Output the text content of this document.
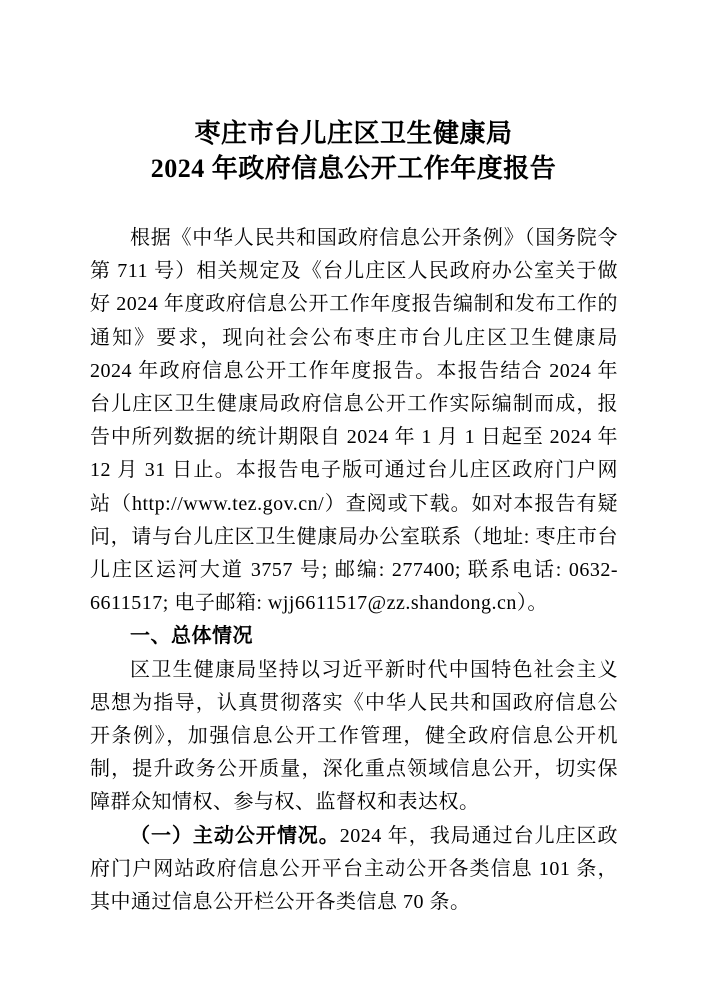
枣庄市台儿庄区卫生健康局
2024 年政府信息公开工作年度报告

根据《中华人民共和国政府信息公开条例》（国务院令第 711 号）相关规定及《台儿庄区人民政府办公室关于做好 2024 年度政府信息公开工作年度报告编制和发布工作的通知》要求，现向社会公布枣庄市台儿庄区卫生健康局 2024 年政府信息公开工作年度报告。本报告结合 2024 年台儿庄区卫生健康局政府信息公开工作实际编制而成，报告中所列数据的统计期限自 2024 年 1 月 1 日起至 2024 年 12 月 31 日止。本报告电子版可通过台儿庄区政府门户网站（http://www.tez.gov.cn/）查阅或下载。如对本报告有疑问，请与台儿庄区卫生健康局办公室联系（地址: 枣庄市台儿庄区运河大道 3757 号; 邮编: 277400; 联系电话: 0632-6611517; 电子邮箱: wjj6611517@zz.shandong.cn）。

一、总体情况

区卫生健康局坚持以习近平新时代中国特色社会主义思想为指导，认真贯彻落实《中华人民共和国政府信息公开条例》，加强信息公开工作管理，健全政府信息公开机制，提升政务公开质量，深化重点领域信息公开，切实保障群众知情权、参与权、监督权和表达权。

（一）主动公开情况。2024 年，我局通过台儿庄区政府门户网站政府信息公开平台主动公开各类信息 101 条，其中通过信息公开栏公开各类信息 70 条。
